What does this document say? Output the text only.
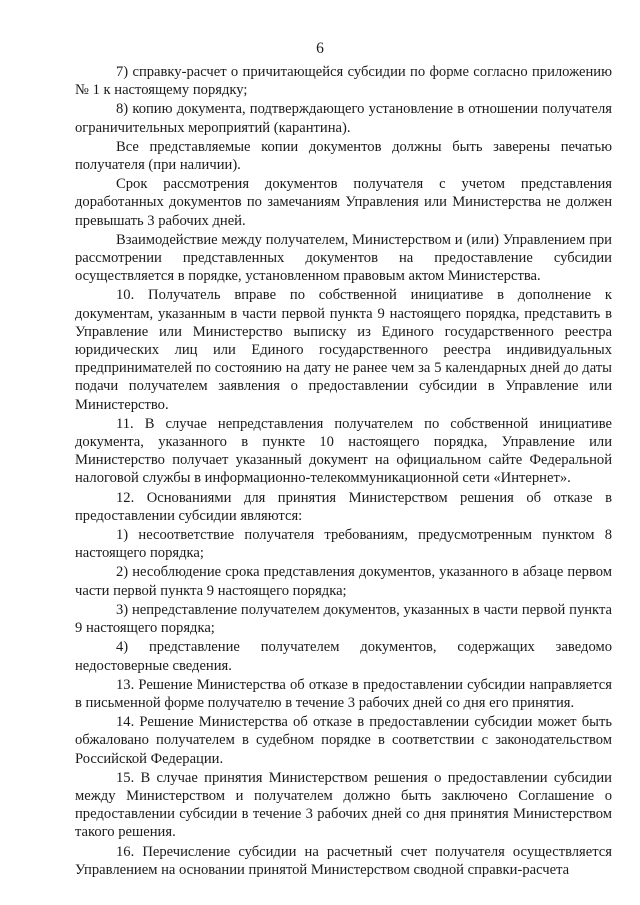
6

7) справку-расчет о причитающейся субсидии по форме согласно приложению № 1 к настоящему порядку;

8) копию документа, подтверждающего установление в отношении получателя ограничительных мероприятий (карантина).

Все представляемые копии документов должны быть заверены печатью получателя (при наличии).

Срок рассмотрения документов получателя с учетом представления доработанных документов по замечаниям Управления или Министерства не должен превышать 3 рабочих дней.

Взаимодействие между получателем, Министерством и (или) Управлением при рассмотрении представленных документов на предоставление субсидии осуществляется в порядке, установленном правовым актом Министерства.

10. Получатель вправе по собственной инициативе в дополнение к документам, указанным в части первой пункта 9 настоящего порядка, представить в Управление или Министерство выписку из Единого государственного реестра юридических лиц или Единого государственного реестра индивидуальных предпринимателей по состоянию на дату не ранее чем за 5 календарных дней до даты подачи получателем заявления о предоставлении субсидии в Управление или Министерство.

11. В случае непредставления получателем по собственной инициативе документа, указанного в пункте 10 настоящего порядка, Управление или Министерство получает указанный документ на официальном сайте Федеральной налоговой службы в информационно-телекоммуникационной сети «Интернет».

12. Основаниями для принятия Министерством решения об отказе в предоставлении субсидии являются:

1) несоответствие получателя требованиям, предусмотренным пунктом 8 настоящего порядка;

2) несоблюдение срока представления документов, указанного в абзаце первом части первой пункта 9 настоящего порядка;

3) непредставление получателем документов, указанных в части первой пункта 9 настоящего порядка;

4) представление получателем документов, содержащих заведомо недостоверные сведения.

13. Решение Министерства об отказе в предоставлении субсидии направляется в письменной форме получателю в течение 3 рабочих дней со дня его принятия.

14. Решение Министерства об отказе в предоставлении субсидии может быть обжаловано получателем в судебном порядке в соответствии с законодательством Российской Федерации.

15. В случае принятия Министерством решения о предоставлении субсидии между Министерством и получателем должно быть заключено Соглашение о предоставлении субсидии в течение 3 рабочих дней со дня принятия Министерством такого решения.

16. Перечисление субсидии на расчетный счет получателя осуществляется Управлением на основании принятой Министерством сводной справки-расчета
